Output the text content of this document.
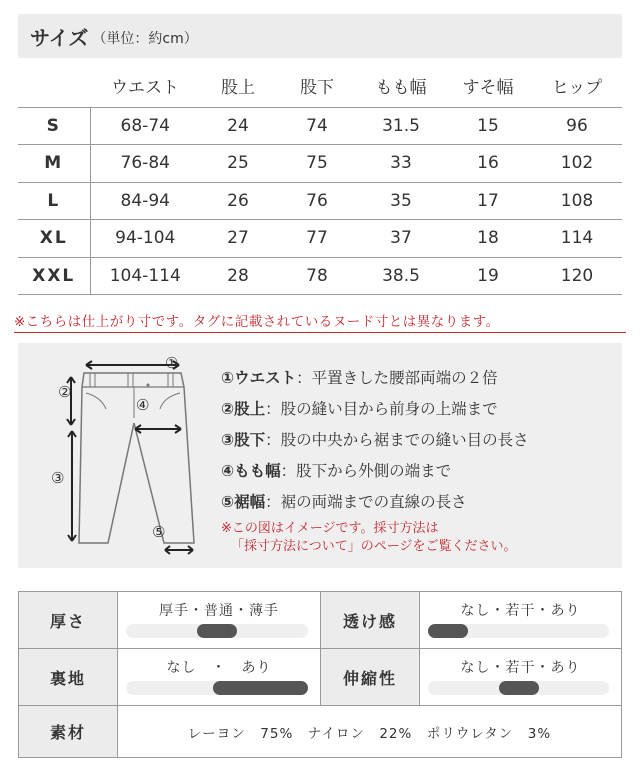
サイズ （単位：約cm）
	ウエスト	股上	股下	もも幅	すそ幅	ヒップ
S	68-74	24	74	31.5	15	96
M	76-84	25	75	33	16	102
L	84-94	26	76	35	17	108
XL	94-104	27	77	37	18	114
XXL	104-114	28	78	38.5	19	120
※こちらは仕上がり寸です。タグに記載されているヌード寸とは異なります。
①
②
④
③
⑤
①ウエスト：平置きした腰部両端の２倍
②股上：股の縫い目から前身の上端まで
③股下：股の中央から裾までの縫い目の長さ
④もも幅：股下から外側の端まで
⑤裾幅：裾の両端までの直線の長さ
※この図はイメージです。採寸方法は
「採寸方法について」のページをご覧ください。
厚さ	厚手・普通・薄手	透け感	なし・若干・あり

裏地	なし　・　あり	伸縮性	なし・若干・あり

素材	レーヨン　75%　ナイロン　22%　ポリウレタン　3%		
